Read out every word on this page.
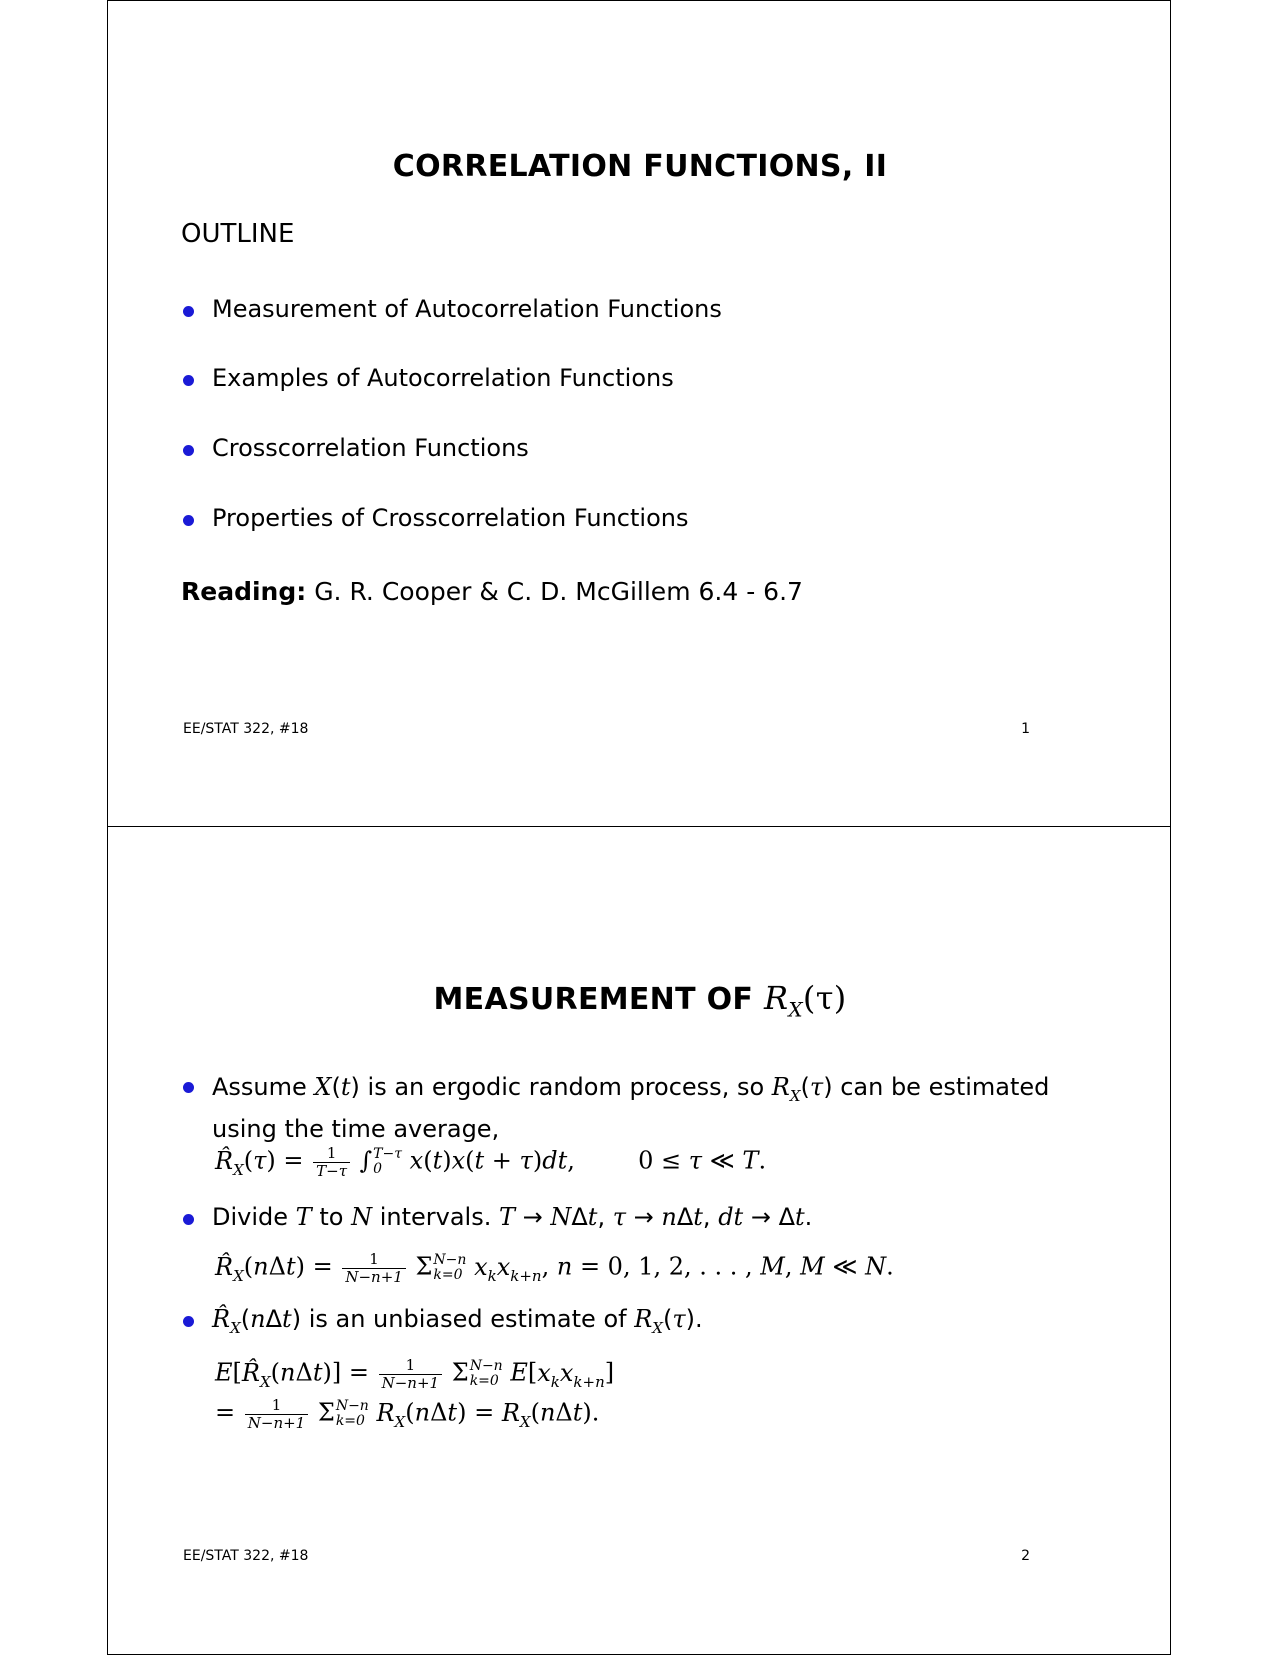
CORRELATION FUNCTIONS, II
OUTLINE
Measurement of Autocorrelation Functions
Examples of Autocorrelation Functions
Crosscorrelation Functions
Properties of Crosscorrelation Functions
Reading: G. R. Cooper & C. D. McGillem 6.4 - 6.7
EE/STAT 322, #18	1
MEASUREMENT OF $R_X(\tau)$
Assume X(t) is an ergodic random process, so $R_X(\tau)$ can be estimated
using the time average,
$R̂_X(\tau) = \frac{1}{T-\tau}$ ∫ T−τ
0	x(t)x(t + τ)dt,  0 ≤ τ ≪ T.
Divide T to N intervals. T → NΔt, τ → nΔt, dt → Δt.
$R̂_X(n\Delta t) = \frac{1}{N-n+1}$ Σ N−n
k=0 $x_kx_{k+n}$, n = 0, 1, 2, . . . , M, M ≪ N.
$R̂_X(n\Delta t)$ is an unbiased estimate of $R_X(\tau)$.
$E[R̂_X(n\Delta t)] = \frac{1}{N-n+1}$ Σ N−n
k=0 $E[x_kx_{k+n}]$
= $\frac{1}{N-n+1}$ Σ N−n
k=0 $R_X(n\Delta t) = R_X(n\Delta t)$.
EE/STAT 322, #18	2
